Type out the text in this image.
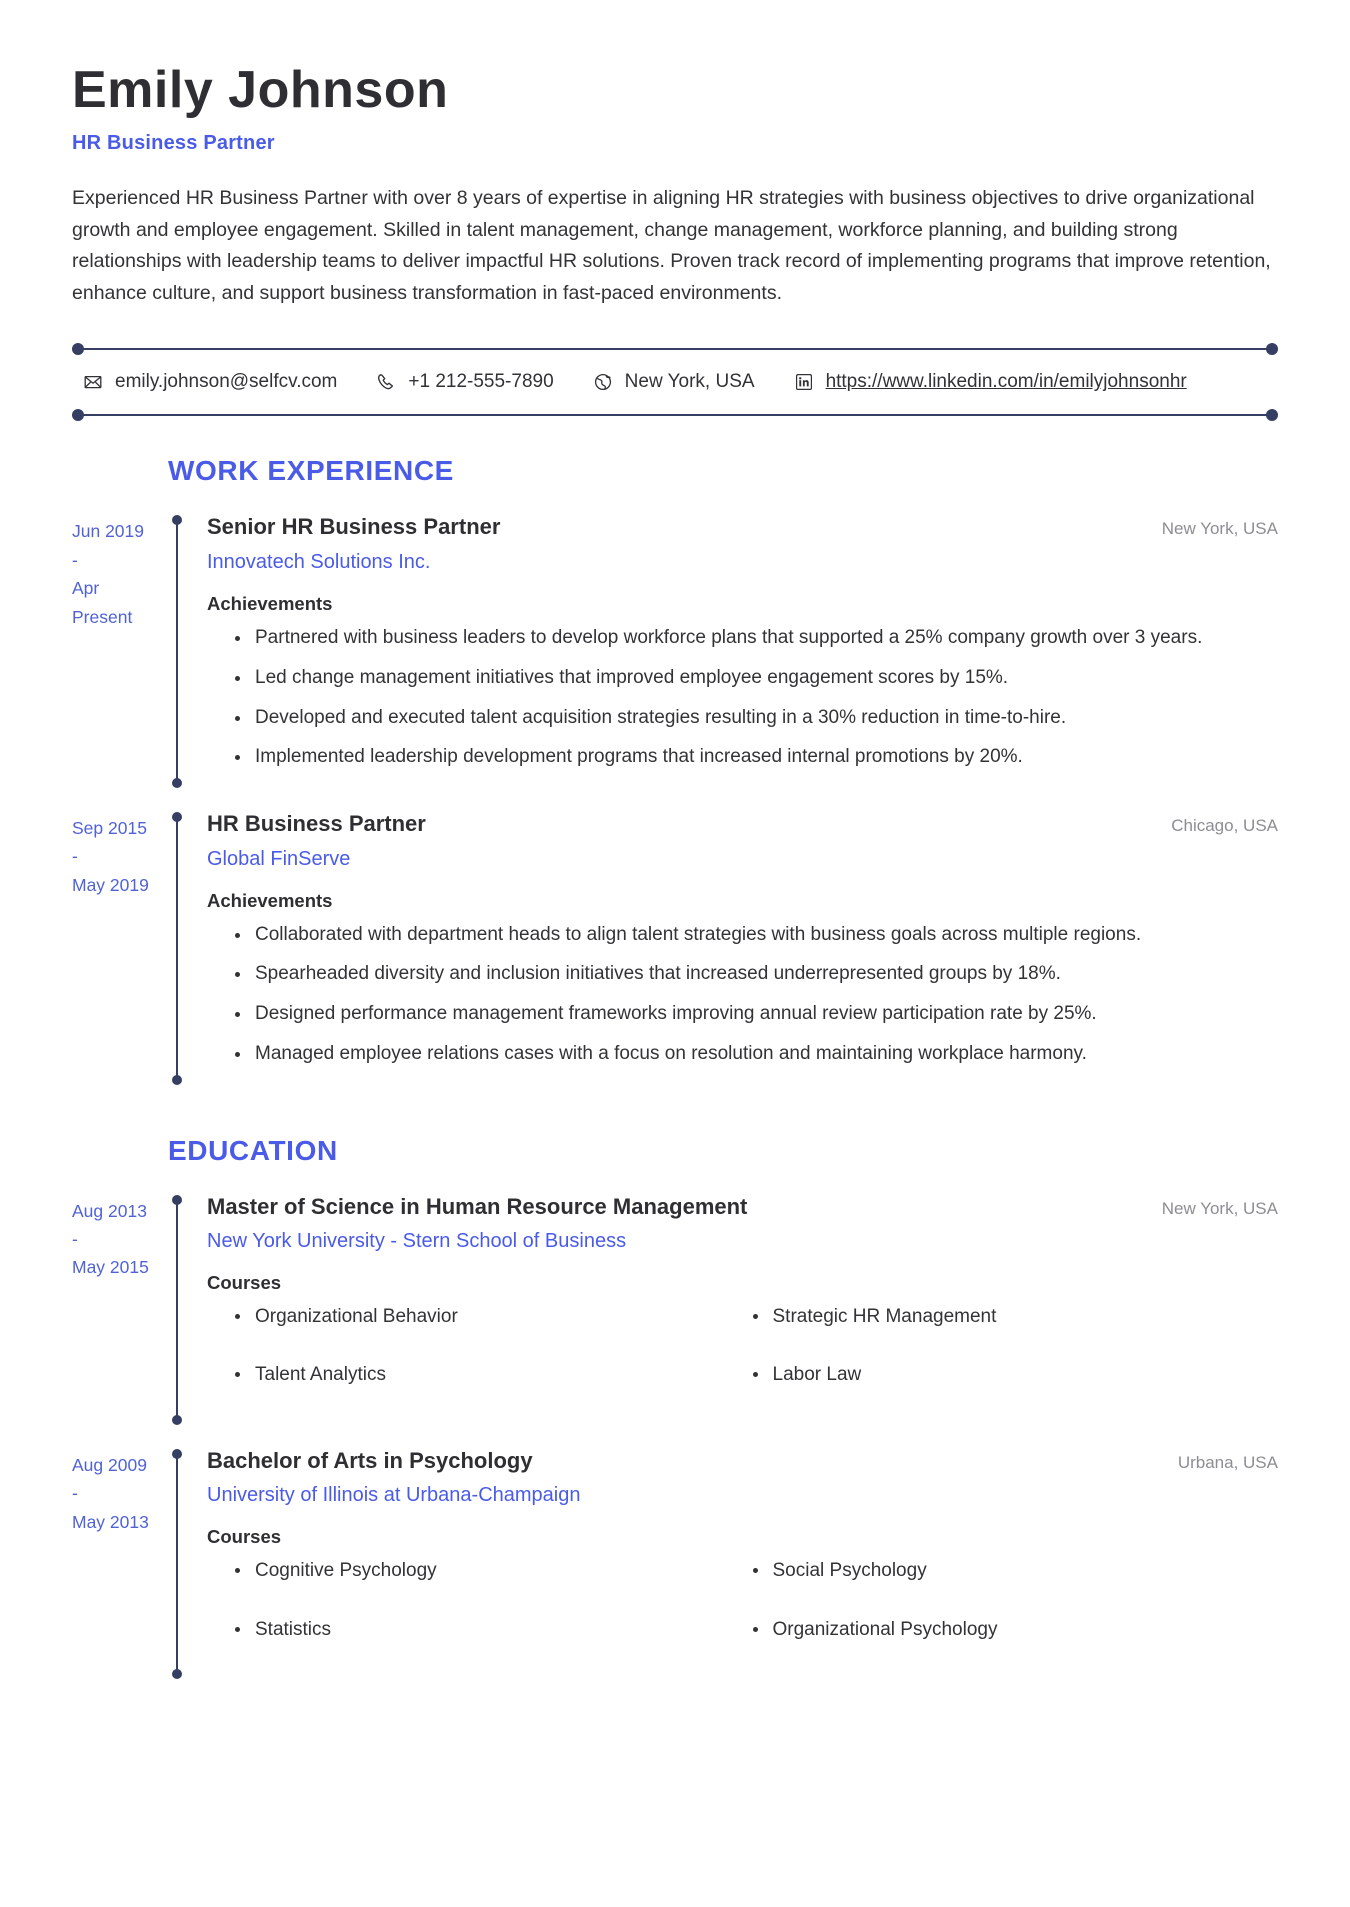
Emily Johnson
HR Business Partner

Experienced HR Business Partner with over 8 years of expertise in aligning HR strategies with business objectives to drive organizational growth and employee engagement. Skilled in talent management, change management, workforce planning, and building strong relationships with leadership teams to deliver impactful HR solutions. Proven track record of implementing programs that improve retention, enhance culture, and support business transformation in fast-paced environments.

emily.johnson@selfcv.com	+1 212-555-7890	New York, USA	https://www.linkedin.com/in/emilyjohnsonhr
WORK EXPERIENCE
Jun 2019
-
Apr
Present
Senior HR Business Partner	New York, USA
Innovatech Solutions Inc.
Achievements
Partnered with business leaders to develop workforce plans that supported a 25% company growth over 3 years.
Led change management initiatives that improved employee engagement scores by 15%.
Developed and executed talent acquisition strategies resulting in a 30% reduction in time-to-hire.
Implemented leadership development programs that increased internal promotions by 20%.
Sep 2015
-
May 2019
HR Business Partner	Chicago, USA
Global FinServe
Achievements
Collaborated with department heads to align talent strategies with business goals across multiple regions.
Spearheaded diversity and inclusion initiatives that increased underrepresented groups by 18%.
Designed performance management frameworks improving annual review participation rate by 25%.
Managed employee relations cases with a focus on resolution and maintaining workplace harmony.
EDUCATION
Aug 2013
-
May 2015
Master of Science in Human Resource Management	New York, USA
New York University - Stern School of Business
Courses
Organizational Behavior	Strategic HR Management
Talent Analytics	Labor Law
Aug 2009
-
May 2013
Bachelor of Arts in Psychology	Urbana, USA
University of Illinois at Urbana-Champaign
Courses
Cognitive Psychology	Social Psychology
Statistics	Organizational Psychology
